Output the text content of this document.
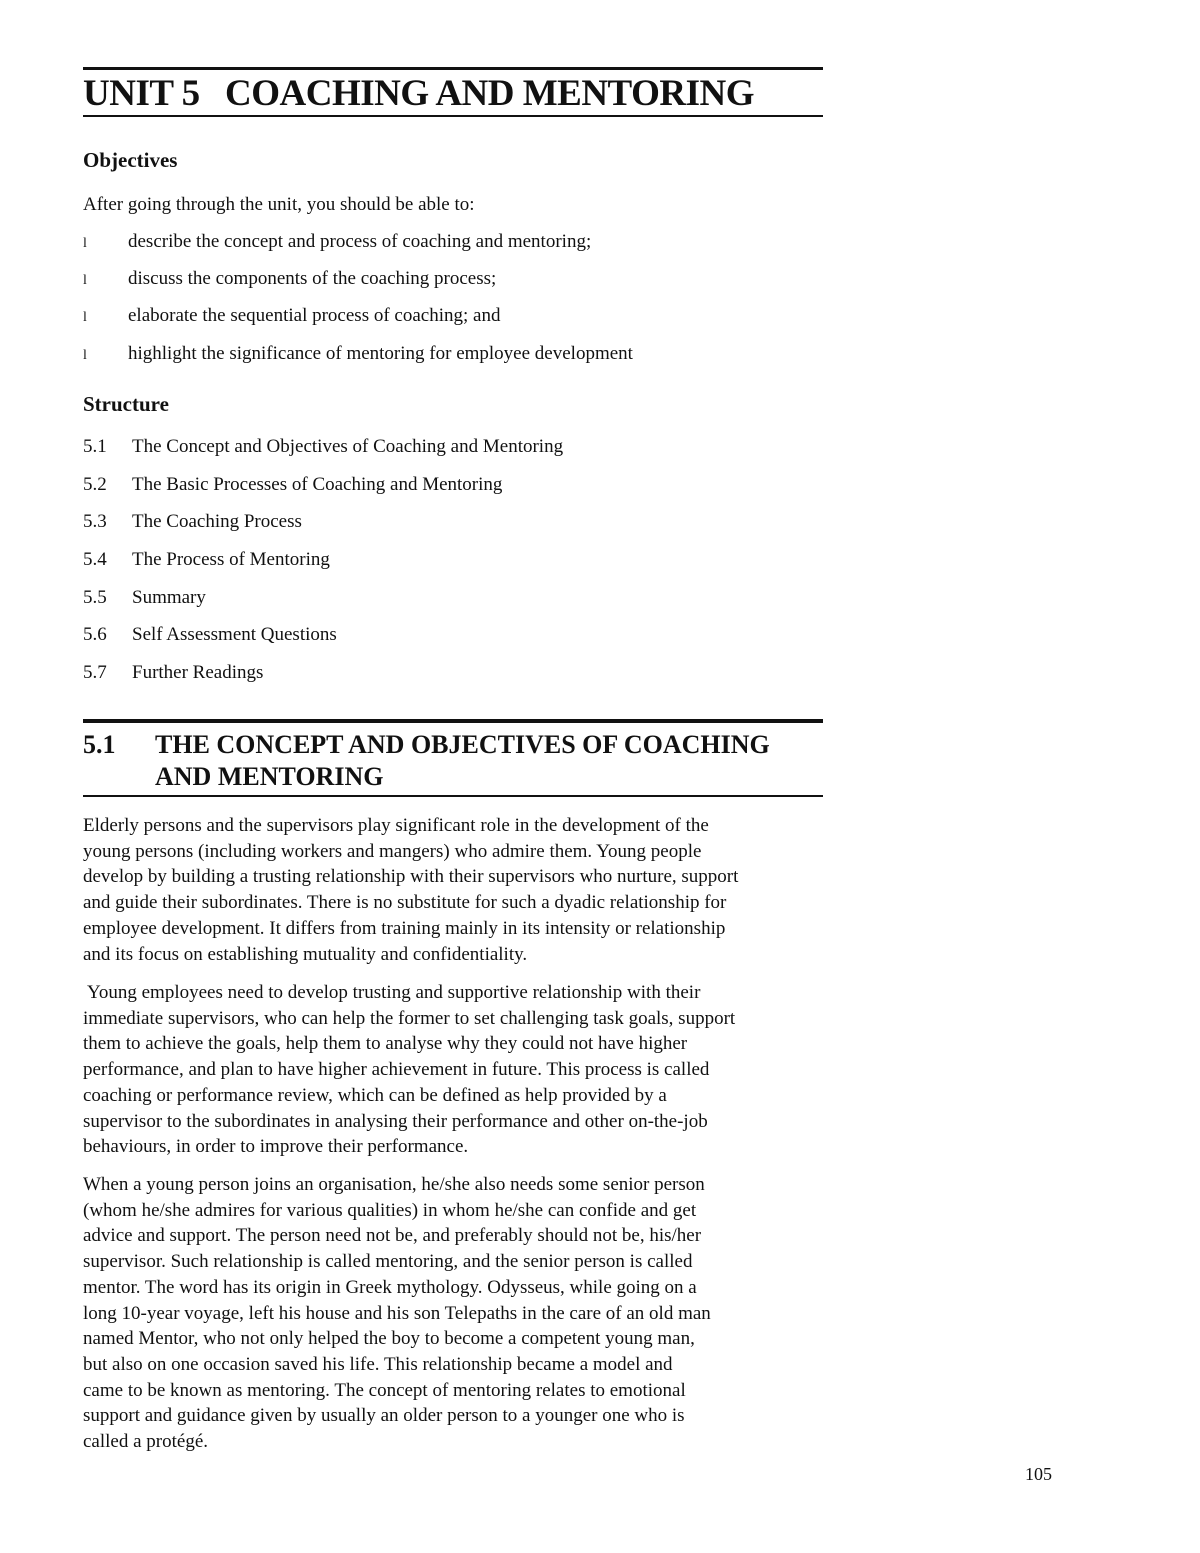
UNIT 5 COACHING AND MENTORING
Objectives

After going through the unit, you should be able to:

l describe the concept and process of coaching and mentoring;

l discuss the components of the coaching process;

l elaborate the sequential process of coaching; and

l highlight the significance of mentoring for employee development

Structure

5.1 The Concept and Objectives of Coaching and Mentoring

5.2 The Basic Processes of Coaching and Mentoring

5.3 The Coaching Process

5.4 The Process of Mentoring

5.5 Summary

5.6 Self Assessment Questions

5.7 Further Readings

5.1 THE CONCEPT AND OBJECTIVES OF COACHING
AND MENTORING
Elderly persons and the supervisors play significant role in the development of the
young persons (including workers and mangers) who admire them. Young people
develop by building a trusting relationship with their supervisors who nurture, support
and guide their subordinates. There is no substitute for such a dyadic relationship for
employee development. It differs from training mainly in its intensity or relationship
and its focus on establishing mutuality and confidentiality.
Young employees need to develop trusting and supportive relationship with their
immediate supervisors, who can help the former to set challenging task goals, support
them to achieve the goals, help them to analyse why they could not have higher
performance, and plan to have higher achievement in future. This process is called
coaching or performance review, which can be defined as help provided by a
supervisor to the subordinates in analysing their performance and other on-the-job
behaviours, in order to improve their performance.
When a young person joins an organisation, he/she also needs some senior person
(whom he/she admires for various qualities) in whom he/she can confide and get
advice and support. The person need not be, and preferably should not be, his/her
supervisor. Such relationship is called mentoring, and the senior person is called
mentor. The word has its origin in Greek mythology. Odysseus, while going on a
long 10-year voyage, left his house and his son Telepaths in the care of an old man
named Mentor, who not only helped the boy to become a competent young man,
but also on one occasion saved his life. This relationship became a model and
came to be known as mentoring. The concept of mentoring relates to emotional
support and guidance given by usually an older person to a younger one who is
called a protégé.

105
